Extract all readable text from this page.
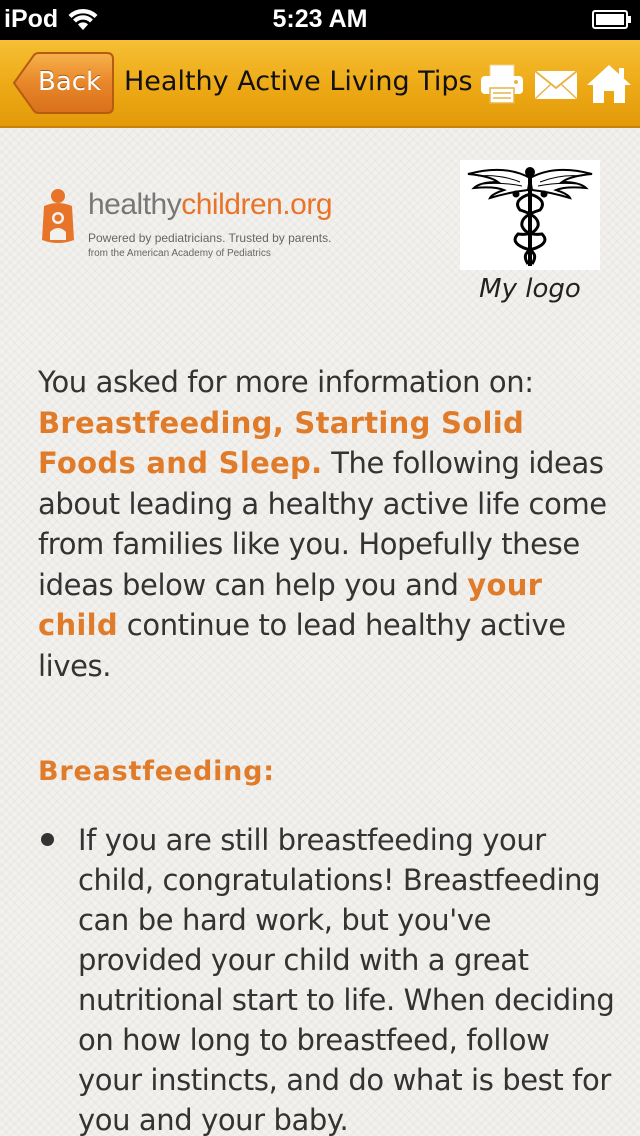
iPod	5:23 AM
Back Healthy Active Living Tips
healthychildren.org
Powered by pediatricians. Trusted by parents.
from the American Academy of Pediatrics
My logo

You asked for more information on: Breastfeeding, Starting Solid Foods and Sleep. The following ideas about leading a healthy active life come from families like you. Hopefully these ideas below can help you and your child continue to lead healthy active lives.

Breastfeeding:
If you are still breastfeeding your child, congratulations! Breastfeeding can be hard work, but you've provided your child with a great nutritional start to life. When deciding on how long to breastfeed, follow your instincts, and do what is best for you and your baby.
